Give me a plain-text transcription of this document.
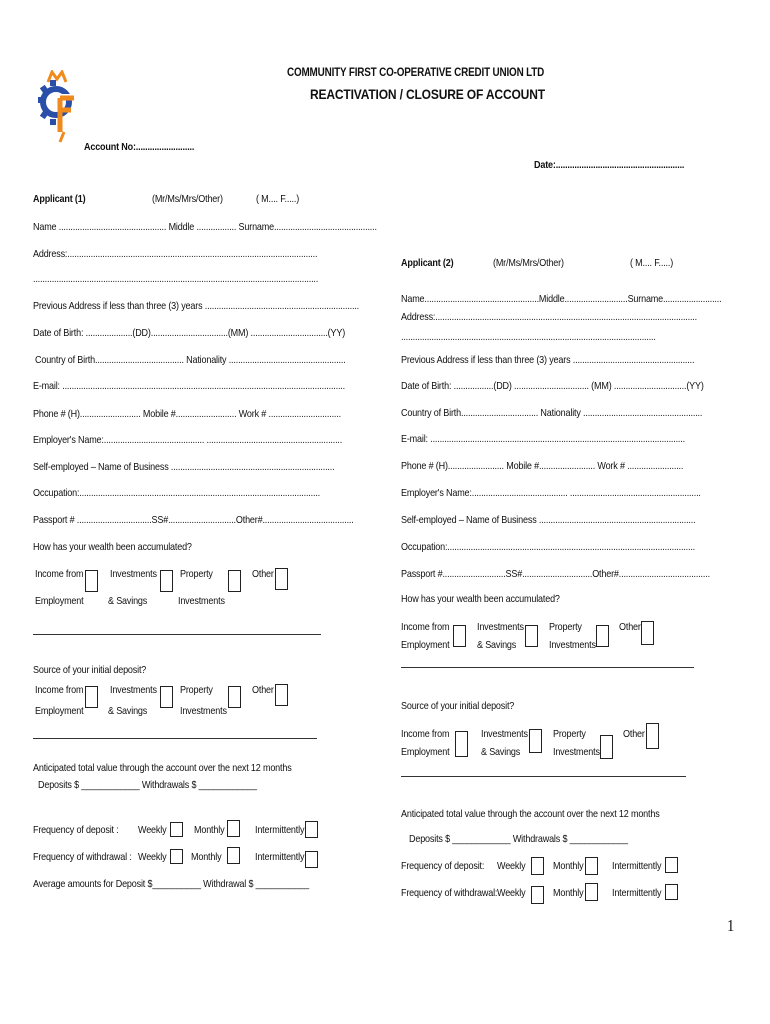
COMMUNITY FIRST CO-OPERATIVE CREDIT UNION LTD
REACTIVATION / CLOSURE OF ACCOUNT
Account No:.........................
Date:.......................................................
Applicant (1)	(Mr/Ms/Mrs/Other)	( M.... F.....)
Name .............................................. Middle ................. Surname............................................
Address:...........................................................................................................
..........................................................................................................................
Previous Address if less than three (3) years ..................................................................
Date of Birth: ....................(DD).................................(MM) .................................(YY)
Country of Birth...................................... Nationality ..................................................
E-mail: .........................................................................................................................
Phone # (H).......................... Mobile #.......................... Work # ...............................
Employer's Name:........................................... ..........................................................
Self-employed – Name of Business ......................................................................
Occupation:.......................................................................................................
Passport # ................................SS#.............................Other#.......................................
How has your wealth been accumulated?
Income from
Employment
Investments
& Savings
Property
Investments
Other
Source of your initial deposit?
Income from
Employment
Investments
& Savings
Property
Investments
Other
Anticipated total value through the account over the next 12 months
Deposits $ ____________ Withdrawals $ ____________
Frequency of deposit : Weekly	Monthly	Intermittently
Frequency of withdrawal : Weekly Monthly	Intermittently
Average amounts for Deposit $__________ Withdrawal $ ___________
Applicant (2)	(Mr/Ms/Mrs/Other)	( M.... F.....)
Name.................................................Middle...........................Surname.........................
Address:................................................................................................................
.............................................................................................................
Previous Address if less than three (3) years ....................................................
Date of Birth: .................(DD) ................................ (MM) ...............................(YY)
Country of Birth................................. Nationality ...................................................
E-mail: .............................................................................................................
Phone # (H)........................ Mobile #........................ Work # ........................
Employer's Name:......................................... ........................................................
Self-employed – Name of Business ...................................................................
Occupation:..........................................................................................................
Passport #...........................SS#..............................Other#.......................................
How has your wealth been accumulated?
Income from
Employment
Investments
& Savings
Property
Investments
Other
Source of your initial deposit?
Income from
Employment
Investments
& Savings
Property
Investments
Other
Anticipated total value through the account over the next 12 months
Deposits $ ____________ Withdrawals $ ____________
Frequency of deposit: Weekly	Monthly	Intermittently
Frequency of withdrawal: Weekly	Monthly	Intermittently
1
